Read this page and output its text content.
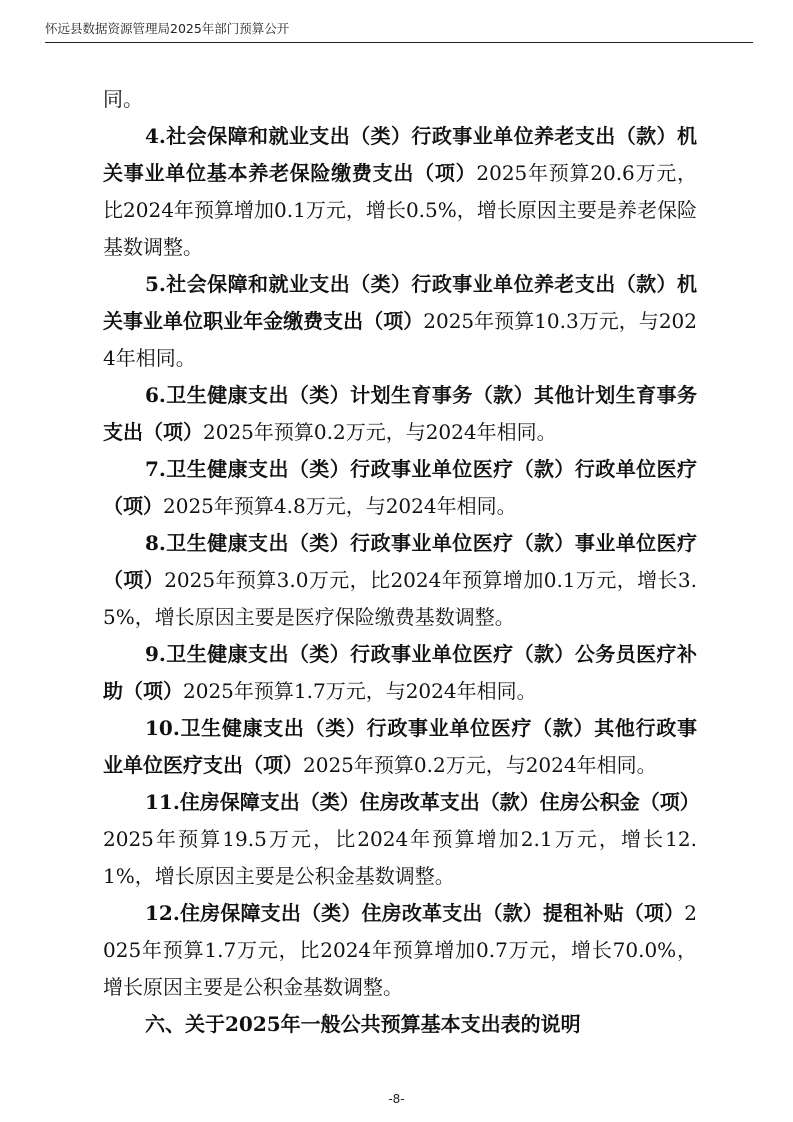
怀远县数据资源管理局2025年部门预算公开

同。

4.社会保障和就业支出（类）行政事业单位养老支出（款）机关事业单位基本养老保险缴费支出（项）2025年预算20.6万元，比2024年预算增加0.1万元，增长0.5%，增长原因主要是养老保险基数调整。

5.社会保障和就业支出（类）行政事业单位养老支出（款）机关事业单位职业年金缴费支出（项）2025年预算10.3万元，与2024年相同。

6.卫生健康支出（类）计划生育事务（款）其他计划生育事务支出（项）2025年预算0.2万元，与2024年相同。

7.卫生健康支出（类）行政事业单位医疗（款）行政单位医疗（项）2025年预算4.8万元，与2024年相同。

8.卫生健康支出（类）行政事业单位医疗（款）事业单位医疗（项）2025年预算3.0万元，比2024年预算增加0.1万元，增长3.5%，增长原因主要是医疗保险缴费基数调整。

9.卫生健康支出（类）行政事业单位医疗（款）公务员医疗补助（项）2025年预算1.7万元，与2024年相同。

10.卫生健康支出（类）行政事业单位医疗（款）其他行政事业单位医疗支出（项）2025年预算0.2万元，与2024年相同。

11.住房保障支出（类）住房改革支出（款）住房公积金（项）2025年预算19.5万元，比2024年预算增加2.1万元，增长12.1%，增长原因主要是公积金基数调整。

12.住房保障支出（类）住房改革支出（款）提租补贴（项）2025年预算1.7万元，比2024年预算增加0.7万元，增长70.0%，增长原因主要是公积金基数调整。

六、关于2025年一般公共预算基本支出表的说明

-8-
